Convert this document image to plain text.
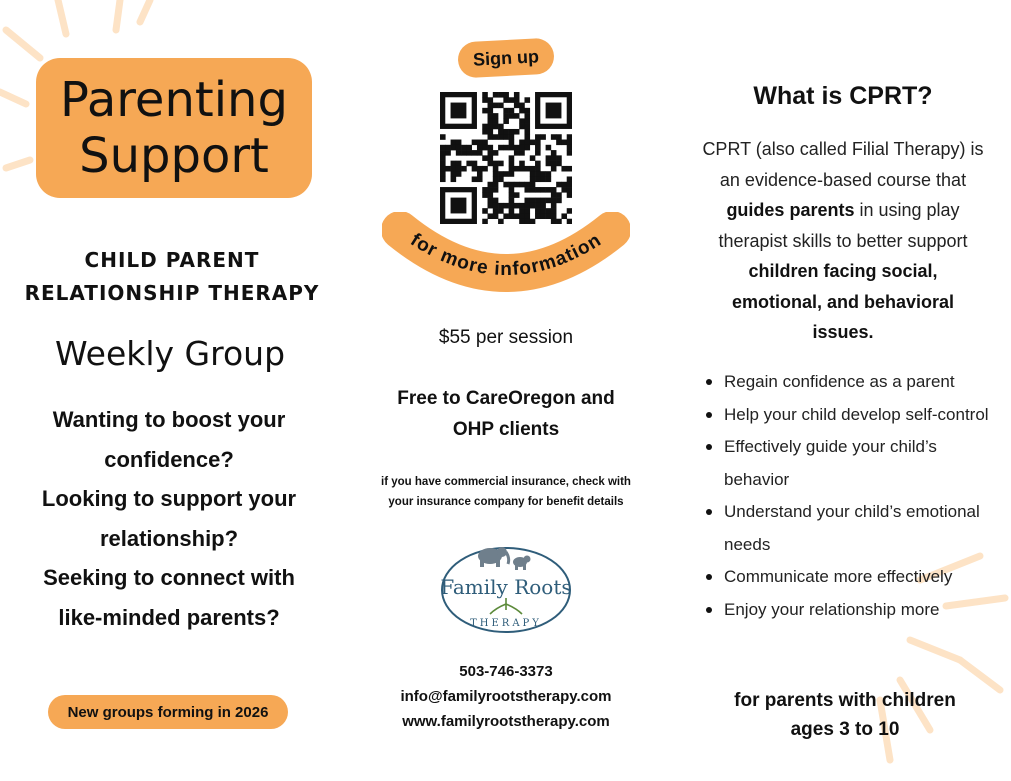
Parenting
Support
CHILD PARENT
RELATIONSHIP THERAPY
Weekly Group
Wanting to boost your
confidence?
Looking to support your
relationship?
Seeking to connect with
like-minded parents?
New groups forming in 2026
Sign up
for more information
$55 per session
Free to CareOregon and
OHP clients
if you have commercial insurance, check with
your insurance company for benefit details
Family Roots
THERAPY
503-746-3373
info@familyrootstherapy.com
www.familyrootstherapy.com
What is CPRT?
CPRT (also called Filial Therapy) is
an evidence-based course that
guides parents in using play
therapist skills to better support
children facing social,
emotional, and behavioral
issues.
Regain confidence as a parent
Help your child develop self-control
Effectively guide your child’s behavior
Understand your child’s emotional needs
Communicate more effectively
Enjoy your relationship more
for parents with children
ages 3 to 10
